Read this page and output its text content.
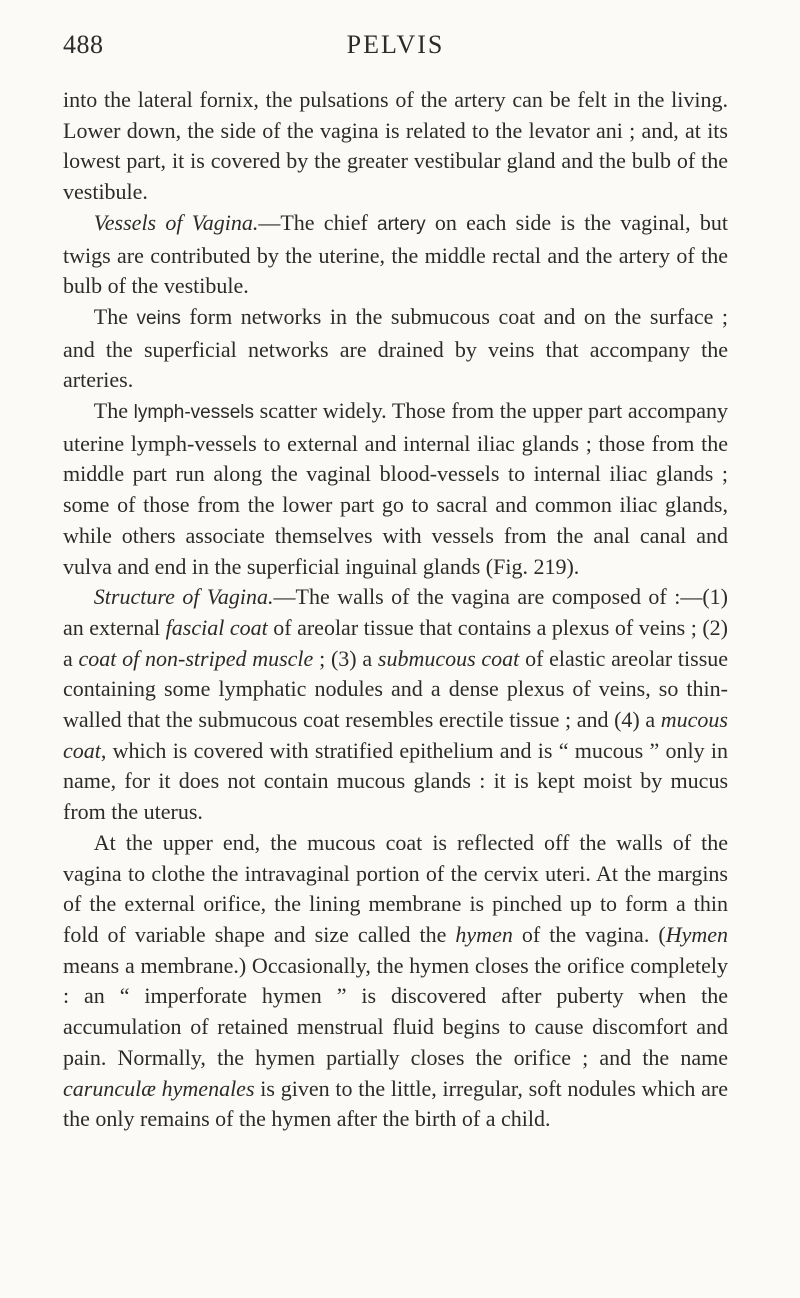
488	PELVIS

into the lateral fornix, the pulsations of the artery can be felt in the living. Lower down, the side of the vagina is related to the levator ani ; and, at its lowest part, it is covered by the greater vestibular gland and the bulb of the vestibule.

Vessels of Vagina.—The chief artery on each side is the vaginal, but twigs are contributed by the uterine, the middle rectal and the artery of the bulb of the vestibule.

The veins form networks in the submucous coat and on the surface ; and the superficial networks are drained by veins that accompany the arteries.

The lymph-vessels scatter widely. Those from the upper part accompany uterine lymph-vessels to external and internal iliac glands ; those from the middle part run along the vaginal blood-vessels to internal iliac glands ; some of those from the lower part go to sacral and common iliac glands, while others associate themselves with vessels from the anal canal and vulva and end in the superficial inguinal glands (Fig. 219).

Structure of Vagina.—The walls of the vagina are composed of :—(1) an external fascial coat of areolar tissue that contains a plexus of veins ; (2) a coat of non-striped muscle ; (3) a submucous coat of elastic areolar tissue containing some lymphatic nodules and a dense plexus of veins, so thin-walled that the submucous coat resembles erectile tissue ; and (4) a mucous coat, which is covered with stratified epithelium and is “ mucous ” only in name, for it does not contain mucous glands : it is kept moist by mucus from the uterus.

At the upper end, the mucous coat is reflected off the walls of the vagina to clothe the intravaginal portion of the cervix uteri. At the margins of the external orifice, the lining membrane is pinched up to form a thin fold of variable shape and size called the hymen of the vagina. (Hymen means a membrane.) Occasionally, the hymen closes the orifice completely : an “ imperforate hymen ” is discovered after puberty when the accumulation of retained menstrual fluid begins to cause discomfort and pain. Normally, the hymen partially closes the orifice ; and the name carunculæ hymenales is given to the little, irregular, soft nodules which are the only remains of the hymen after the birth of a child.
